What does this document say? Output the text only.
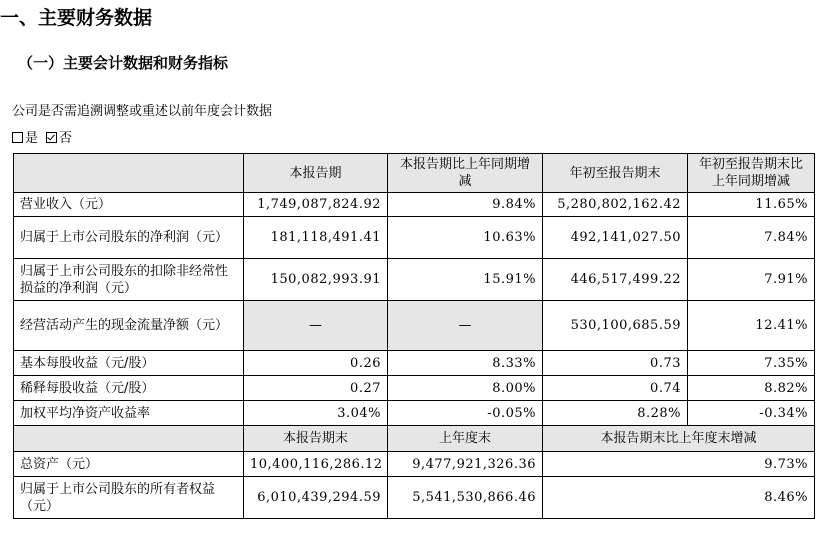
一、主要财务数据
（一）主要会计数据和财务指标
公司是否需追溯调整或重述以前年度会计数据
是 否
	本报告期	本报告期比上年同期增减	年初至报告期末	年初至报告期末比上年同期增减
营业收入（元）	1,749,087,824.92	9.84%	5,280,802,162.42	11.65%
归属于上市公司股东的净利润（元）	181,118,491.41	10.63%	492,141,027.50	7.84%
归属于上市公司股东的扣除非经常性损益的净利润（元）	150,082,993.91	15.91%	446,517,499.22	7.91%
经营活动产生的现金流量净额（元）	—	—	530,100,685.59	12.41%
基本每股收益（元/股）	0.26	8.33%	0.73	7.35%
稀释每股收益（元/股）	0.27	8.00%	0.74	8.82%
加权平均净资产收益率	3.04%	-0.05%	8.28%	-0.34%
	本报告期末	上年度末	本报告期末比上年度末增减	
总资产（元）	10,400,116,286.12	9,477,921,326.36	9.73%	
归属于上市公司股东的所有者权益（元）	6,010,439,294.59	5,541,530,866.46	8.46%	
